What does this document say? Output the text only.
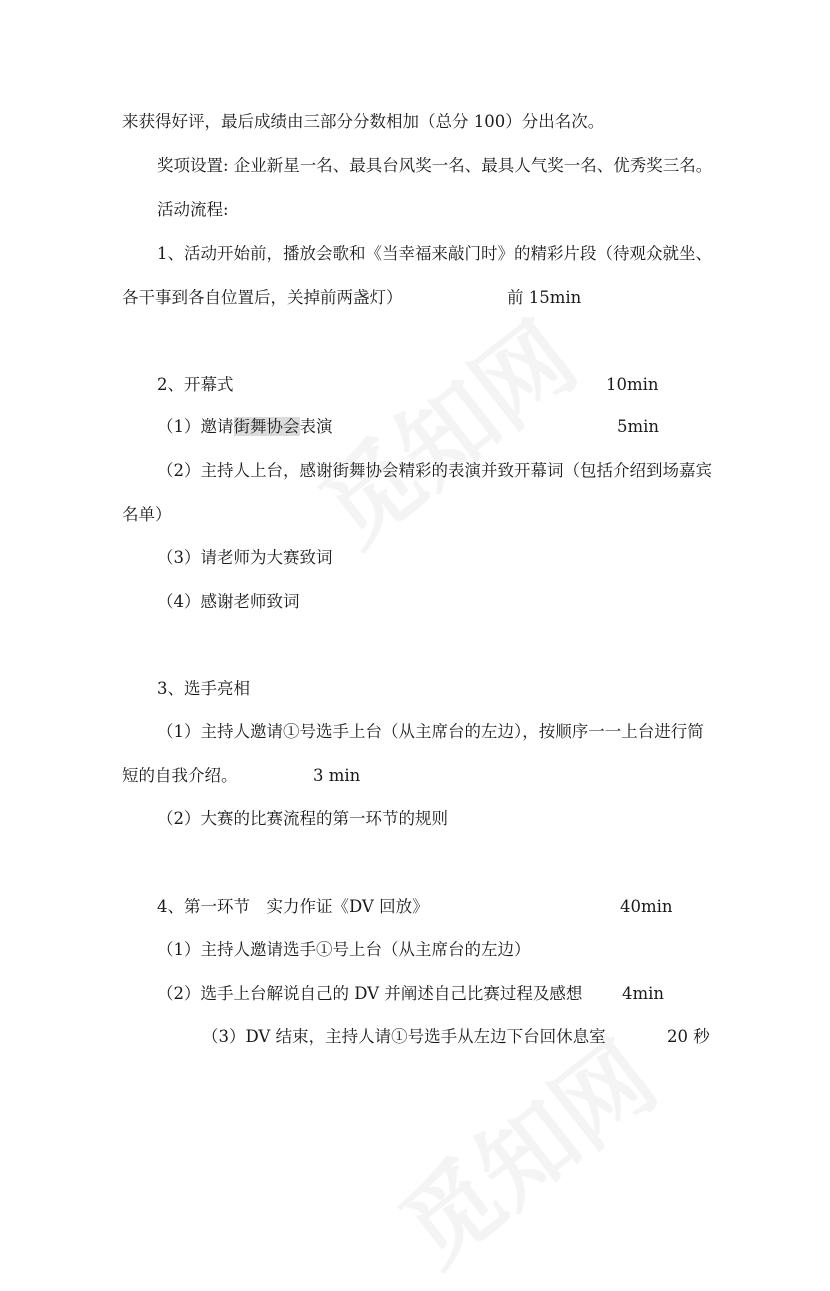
来获得好评，最后成绩由三部分分数相加（总分 100）分出名次。
奖项设置: 企业新星一名、最具台风奖一名、最具人气奖一名、优秀奖三名。
活动流程:
1、活动开始前，播放会歌和《当幸福来敲门时》的精彩片段（待观众就坐、
各干事到各自位置后，关掉前两盏灯）	前 15min
2、开幕式	10min
（1）邀请街舞协会表演	5min
（2）主持人上台，感谢街舞协会精彩的表演并致开幕词（包括介绍到场嘉宾
名单）
（3）请老师为大赛致词
（4）感谢老师致词
3、选手亮相
（1）主持人邀请①号选手上台（从主席台的左边），按顺序一一上台进行简
短的自我介绍。	3 min
（2）大赛的比赛流程的第一环节的规则
4、第一环节　实力作证《DV 回放》	40min
（1）主持人邀请选手①号上台（从主席台的左边）
（2）选手上台解说自己的 DV 并阐述自己比赛过程及感想 4min
（3）DV 结束，主持人请①号选手从左边下台回休息室	20 秒
